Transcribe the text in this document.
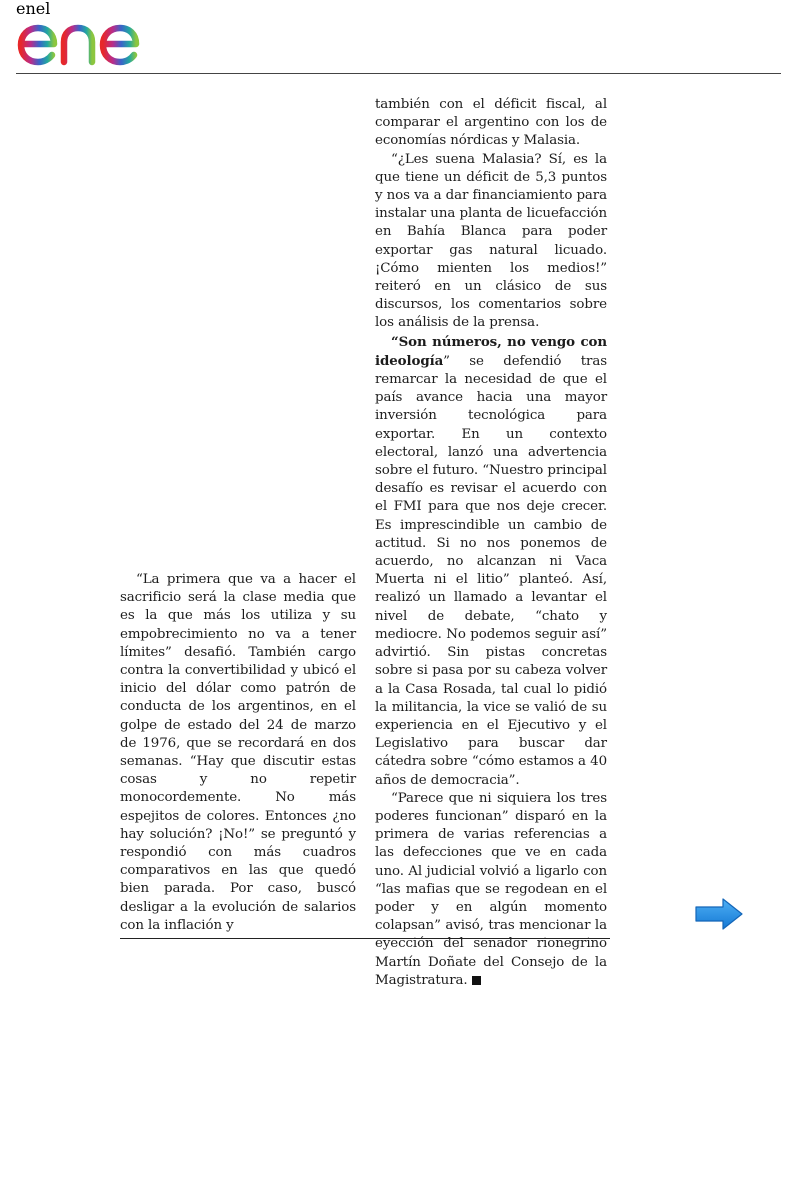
enel

“La primera que va a hacer el sacrificio será la clase media que es la que más los utiliza y su empobrecimiento no va a tener límites” desafió. También cargo contra la convertibilidad y ubicó el inicio del dólar como patrón de conducta de los argentinos, en el golpe de estado del 24 de marzo de 1976, que se recordará en dos semanas. “Hay que discutir estas cosas y no repetir monocordemente. No más espejitos de colores. Entonces ¿no hay solución? ¡No!” se preguntó y respondió con más cuadros comparativos en las que quedó bien parada. Por caso, buscó desligar a la evolución de salarios con la inflación y

también con el déficit fiscal, al comparar el argentino con los de economías nórdicas y Malasia.

“¿Les suena Malasia? Sí, es la que tiene un déficit de 5,3 puntos y nos va a dar financiamiento para instalar una planta de licuefacción en Bahía Blanca para poder exportar gas natural licuado. ¡Cómo mienten los medios!” reiteró en un clásico de sus discursos, los comentarios sobre los análisis de la prensa.

“Son números, no vengo con ideología” se defendió tras remarcar la necesidad de que el país avance hacia una mayor inversión tecnológica para exportar. En un contexto electoral, lanzó una advertencia sobre el futuro. “Nuestro principal desafío es revisar el acuerdo con el FMI para que nos deje crecer. Es imprescindible un cambio de actitud. Si no nos ponemos de acuerdo, no alcanzan ni Vaca Muerta ni el litio” planteó. Así, realizó un llamado a levantar el nivel de debate, “chato y mediocre. No podemos seguir así” advirtió. Sin pistas concretas sobre si pasa por su cabeza volver a la Casa Rosada, tal cual lo pidió la militancia, la vice se valió de su experiencia en el Ejecutivo y el Legislativo para buscar dar cátedra sobre “cómo estamos a 40 años de democracia”.

“Parece que ni siquiera los tres poderes funcionan” disparó en la primera de varias referencias a las defecciones que ve en cada uno. Al judicial volvió a ligarlo con “las mafias que se regodean en el poder y en algún momento colapsan” avisó, tras mencionar la eyección del senador rionegrino Martín Doñate del Consejo de la Magistratura.
